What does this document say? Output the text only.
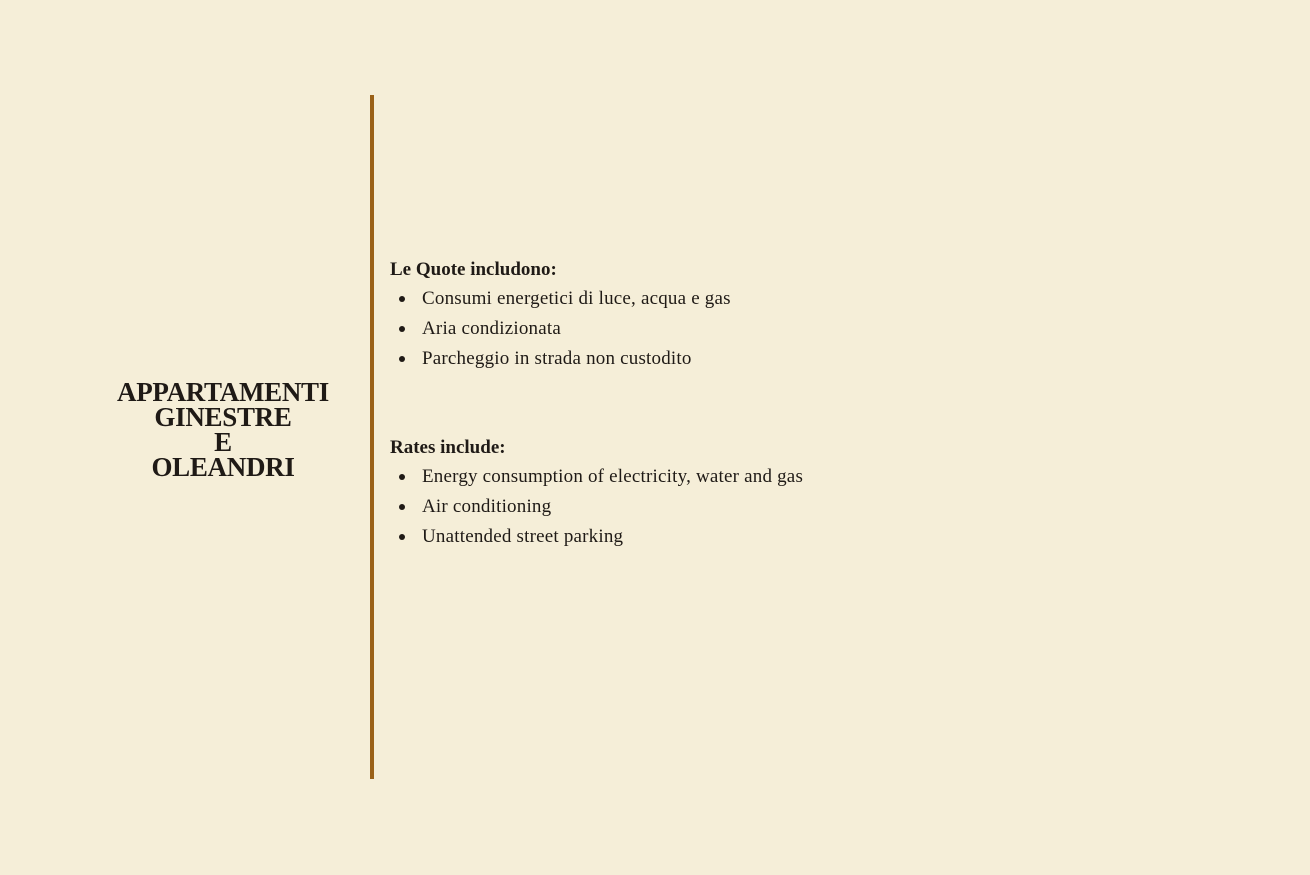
APPARTAMENTI
GINESTRE
E
OLEANDRI
Le Quote includono:
Consumi energetici di luce, acqua e gas
Aria condizionata
Parcheggio in strada non custodito
Rates include:
Energy consumption of electricity, water and gas
Air conditioning
Unattended street parking
